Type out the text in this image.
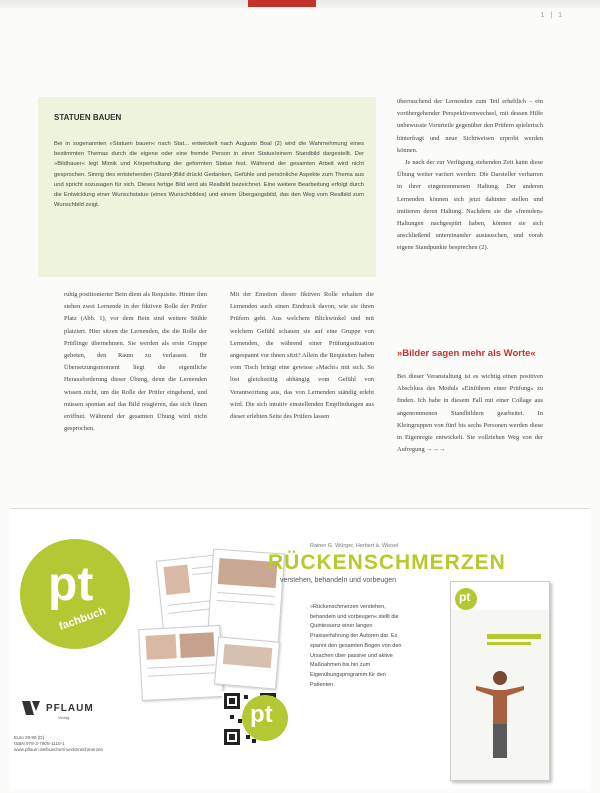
1 | 1
STATUEN BAUEN
Bei in sogenannten »Statuen bauen« nach Stat... entwickelt nach Augusto Boal (2) wird die Wahrnehmung eines bestimmten Themas durch die eigene oder eine fremde Person in einer Statue/einem Standbild dargestellt. Der »Bildhauer« legt Mimik und Körperhaltung der geformten Statue fest. Während der gesamten Arbeit wird nicht gesprochen. Sinnig des entstehenden (Stand-)Bild drückt Gedanken, Gefühle und persönliche Aspekte zum Thema aus und spricht sozusagen für sich. Dieses fertige Bild wird als Realbild bezeichnet. Eine weitere Bearbeitung erfolgt durch die Entwicklung einer Wunschstatue (eines Wunschbildes) und einem Übergangsbild, das den Weg vom Realbild zum Wunschbild zeigt.

ruhig positionierter Bein dient als Requisite. Hinter ihm stehen zwei Lernende in der fiktiven Rolle der Prüfer Platz (Abb. 1), vor dem Bein sind weitere Stühle platziert. Hier sitzen die Lernenden, die die Rolle der Prüflinge übernehmen. Sie werden als erste Gruppe gebeten, den Raum zu verlassen. Ihr Übersetzungsmoment liegt die eigentliche Herausforderung dieser Übung, denn die Lernenden wissen nicht, um die Rolle der Prüfer eingehend, und müssen spontan auf das Bild reagieren, das sich ihnen eröffnet. Während der gesamten Übung wird nicht gesprochen.

Mit der Emotion dieser fiktiven Rolle erhalten die Lernenden auch einen Eindruck davon, wie sie ihren Prüfern geht. Aus welchem Blickwinkel und mit welchem Gefühl schauen sie auf eine Gruppe von Lernenden, die während einer Prüfungssituation angespannt vor ihnen sitzt? Allein die Requisiten haben vom Tisch bringt eine gewisse »Macht« mit sich. So löst gleichzeitig abhängig vom Gefühl von Verantwortung aus, das von Lernenden ständig erlebt wird. Die sich intuitiv einstellenden Empfindungen aus dieser erlebten Seite des Prüfers lassen

überraschend der Lernenden zum Teil erheblich – ein vorübergehender Perspektivenwechsel, mit dessen Hilfe unbewusste Vorurteile gegenüber den Prüfern spielerisch hinterfragt und neue Sichtweisen erprobt werden können.

Je nach der zur Verfügung stehenden Zeit kann diese Übung weiter variiert werden: Die Darsteller verharren in ihrer eingenommenen Haltung. Der anderen Lernenden können sich jetzt dahinter stellen und imitieren deren Haltung. Nachdem sie die »fremden« Haltungen nachgespürt haben, können sie sich anschließend untereinander austauschen, und vorab eigene Standpunkte besprechen (2).

»Bilder sagen mehr als Worte«

Bei dieser Veranstaltung ist es wichtig einen positiven Abschluss des Moduls »Einführen einer Prüfung« zu finden. Ich habe in diesem Fall mit einer Collage aus angenommenen Standbildern gearbeitet. In Kleingruppen von fünf bis sechs Personen werden diese in Eigenregie entwickelt. Sie vollziehen Weg von der Aufregung →→→

pt
fachbuch
PFLAUM
Verlag
Euro 29,90 (D)
ISBN 978-3-7905-1110-1
www.pflaum.de/buecher/rueckenschmerzen
pt
Rainer G. Würger, Herbert ä. Wiesel
RÜCKENSCHMERZEN
verstehen, behandeln und vorbeugen
»Rückenschmerzen verstehen, behandeln und vorbeugen« stellt die Quintessenz einer langen Praxiserfahrung der Autoren dar. Es spannt den gesamten Bogen von den Ursachen über passive und aktive Maßnahmen bis hin zum Eigenübungsprogramm für den Patienten.
pt
